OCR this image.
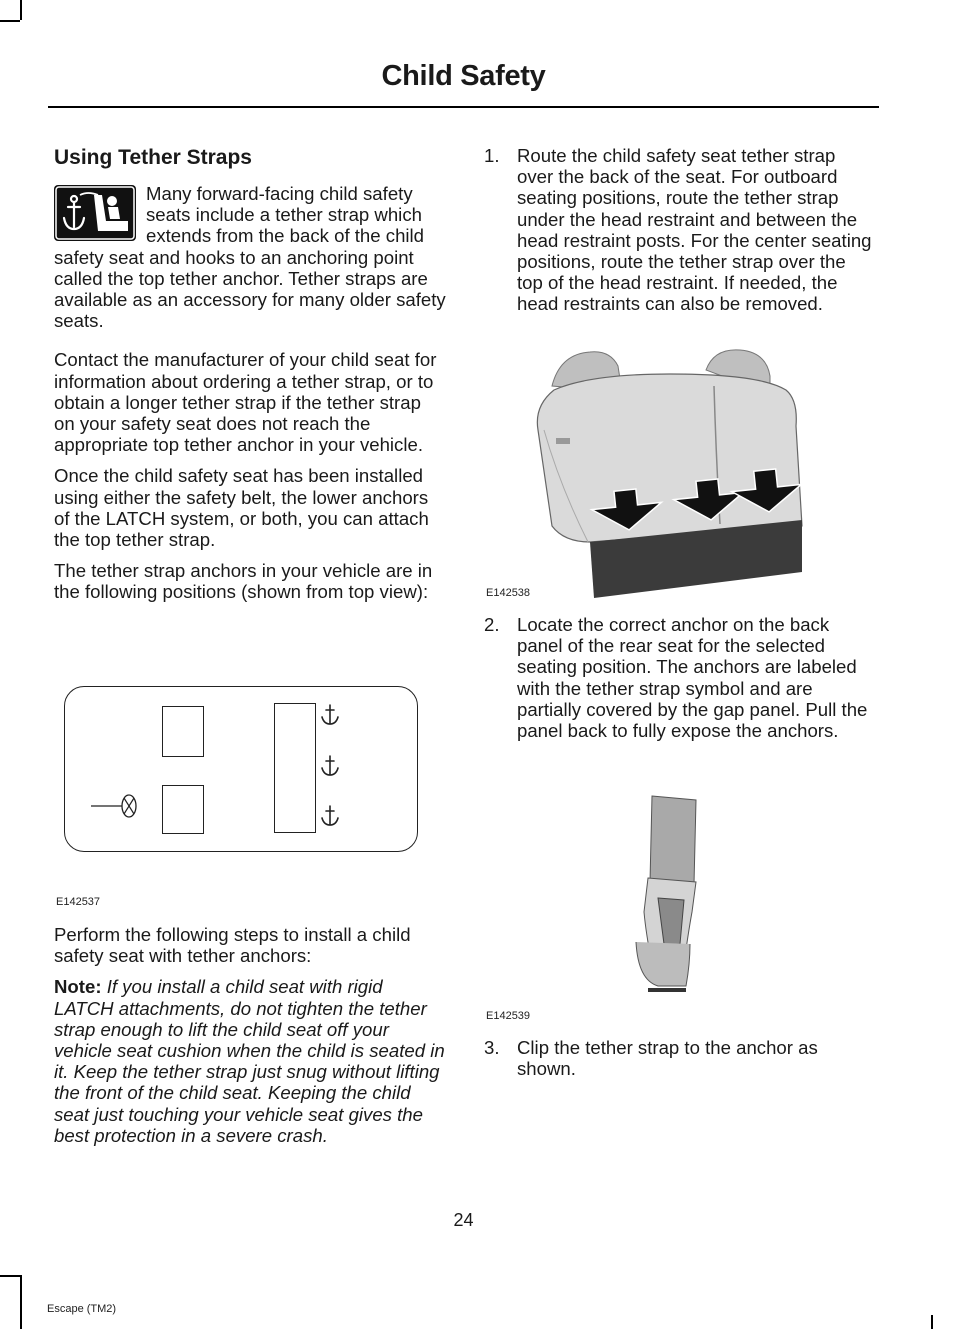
Child Safety
Using Tether Straps
Many forward-facing child safety seats include a tether strap which extends from the back of the child safety seat and hooks to an anchoring point called the top tether anchor. Tether straps are available as an accessory for many older safety seats.
Contact the manufacturer of your child seat for information about ordering a tether strap, or to obtain a longer tether strap if the tether strap on your safety seat does not reach the appropriate top tether anchor in your vehicle.
Once the child safety seat has been installed using either the safety belt, the lower anchors of the LATCH system, or both, you can attach the top tether strap.
The tether strap anchors in your vehicle are in the following positions (shown from top view):
E142537
Perform the following steps to install a child safety seat with tether anchors:
Note: If you install a child seat with rigid LATCH attachments, do not tighten the tether strap enough to lift the child seat off your vehicle seat cushion when the child is seated in it. Keep the tether strap just snug without lifting the front of the child seat. Keeping the child seat just touching your vehicle seat gives the best protection in a severe crash.
1. Route the child safety seat tether strap over the back of the seat. For outboard seating positions, route the tether strap under the head restraint and between the head restraint posts. For the center seating positions, route the tether strap over the top of the head restraint. If needed, the head restraints can also be removed.
E142538
2. Locate the correct anchor on the back panel of the rear seat for the selected seating position. The anchors are labeled with the tether strap symbol and are partially covered by the gap panel. Pull the panel back to fully expose the anchors.
E142539
3. Clip the tether strap to the anchor as shown.
24
Escape (TM2)
